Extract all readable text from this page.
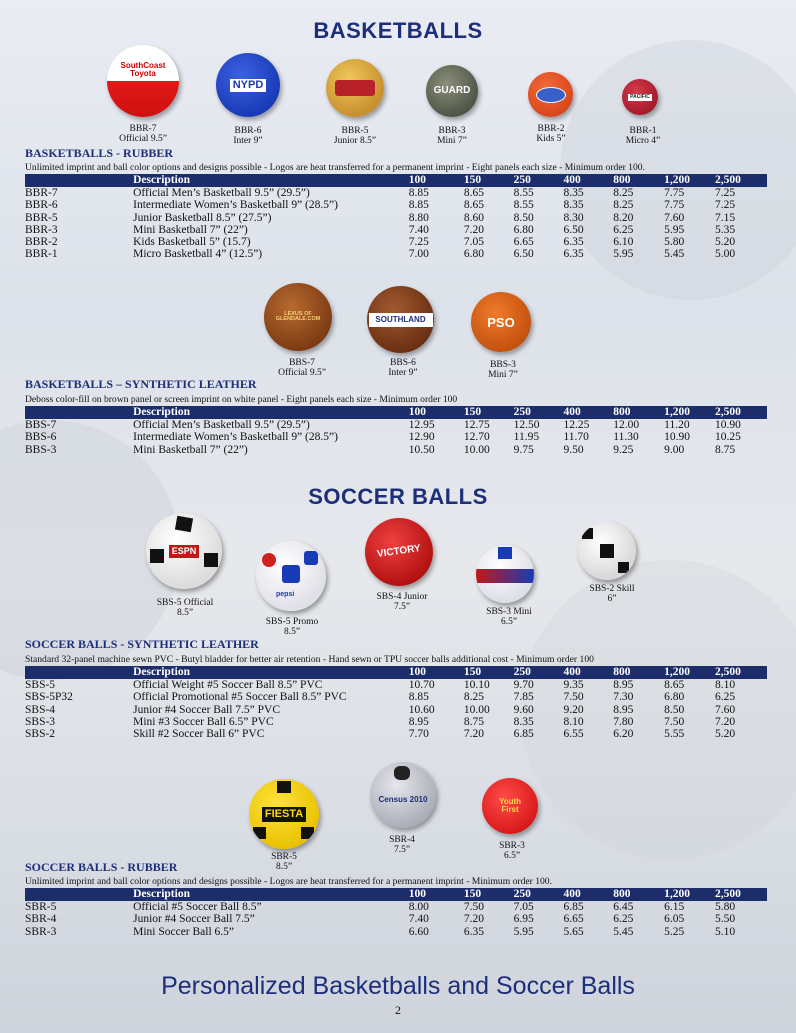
BASKETBALLS
SouthCoast Toyota
NYPD	GUARD
PACIFIC
BBR-7
Official 9.5”
BBR-6
Inter 9”
BBR-5
Junior 8.5”
BBR-3
Mini 7”
BBR-2
Kids 5”
BBR-1
Micro 4”
BASKETBALLS - RUBBER
Unlimited imprint and ball color options and designs possible - Logos are heat transferred for a permanent imprint - Eight panels each size - Minimum order 100.
	Description	100	150	250	400	800	1,200	2,500
BBR-7	Official Men’s Basketball 9.5” (29.5”)	8.85	8.65	8.55	8.35	8.25	7.75	7.25
BBR-6	Intermediate Women’s Basketball 9” (28.5”)	8.85	8.65	8.55	8.35	8.25	7.75	7.25
BBR-5	Junior Basketball 8.5” (27.5”)	8.80	8.60	8.50	8.30	8.20	7.60	7.15
BBR-3	Mini Basketball 7” (22”)	7.40	7.20	6.80	6.50	6.25	5.95	5.35
BBR-2	Kids Basketball 5” (15.7)	7.25	7.05	6.65	6.35	6.10	5.80	5.20
BBR-1	Micro Basketball 4” (12.5”)	7.00	6.80	6.50	6.35	5.95	5.45	5.00
LEXUS OF GLENDALE.COM	SOUTHLAND	PSO
BBS-7
Official 9.5”
BBS-6
Inter 9”
BBS-3
Mini 7”
BASKETBALLS – SYNTHETIC LEATHER
Deboss color-fill on brown panel or screen imprint on white panel - Eight panels each size - Minimum order 100
	Description	100	150	250	400	800	1,200	2,500
BBS-7	Official Men’s Basketball 9.5” (29.5”)	12.95	12.75	12.50	12.25	12.00	11.20	10.90
BBS-6	Intermediate Women’s Basketball 9” (28.5”)	12.90	12.70	11.95	11.70	11.30	10.90	10.25
BBS-3	Mini Basketball 7” (22”)	10.50	10.00	9.75	9.50	9.25	9.00	8.75
SOCCER BALLS
ESPN
pepsi
VICTORY
SBS-5 Official
8.5”
SBS-5 Promo
8.5”
SBS-4 Junior
7.5”	SBS-3 Mini
6.5”
SBS-2 Skill
6”
SOCCER BALLS - SYNTHETIC LEATHER
Standard 32-panel machine sewn PVC - Butyl bladder for better air retention - Hand sewn or TPU soccer balls additional cost - Minimum order 100
	Description	100	150	250	400	800	1,200	2,500
SBS-5	Official Weight #5 Soccer Ball 8.5” PVC	10.70	10.10	9.70	9.35	8.95	8.65	8.10
SBS-5P32	Official Promotional #5 Soccer Ball 8.5” PVC	8.85	8.25	7.85	7.50	7.30	6.80	6.25
SBS-4	Junior #4 Soccer Ball 7.5” PVC	10.60	10.00	9.60	9.20	8.95	8.50	7.60
SBS-3	Mini #3 Soccer Ball 6.5” PVC	8.95	8.75	8.35	8.10	7.80	7.50	7.20
SBS-2	Skill #2 Soccer Ball 6” PVC	7.70	7.20	6.85	6.55	6.20	5.55	5.20
FIESTA
Census 2010	Youth First
SBR-5
8.5”
SBR-4
7.5”	SBR-3
6.5”
SOCCER BALLS - RUBBER
Unlimited imprint and ball color options and designs possible - Logos are heat transferred for a permanent imprint - Minimum order 100.
	Description	100	150	250	400	800	1,200	2,500
SBR-5	Official #5 Soccer Ball 8.5”	8.00	7.50	7.05	6.85	6.45	6.15	5.80
SBR-4	Junior #4 Soccer Ball 7.5”	7.40	7.20	6.95	6.65	6.25	6.05	5.50
SBR-3	Mini Soccer Ball 6.5”	6.60	6.35	5.95	5.65	5.45	5.25	5.10
Personalized Basketballs and Soccer Balls
2
